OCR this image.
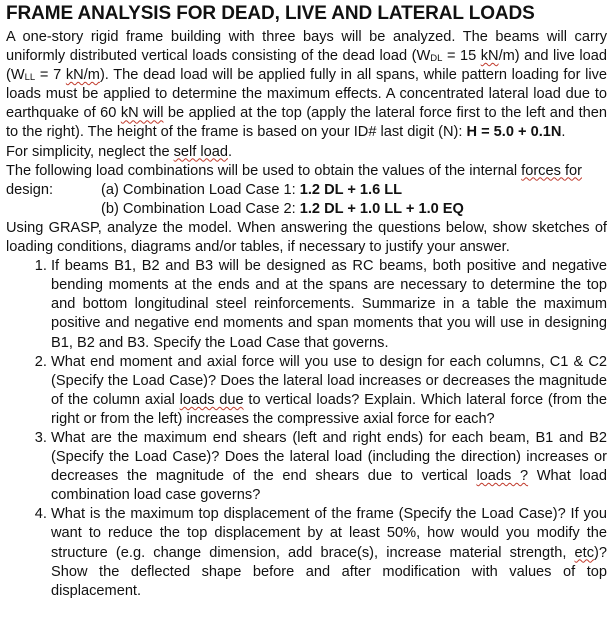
FRAME ANALYSIS FOR DEAD, LIVE AND LATERAL LOADS

A one-story rigid frame building with three bays will be analyzed. The beams will carry uniformly distributed vertical loads consisting of the dead load ($W_{DL} = 15$ kN/m) and live load ($W_{LL} = 7$ kN/m). The dead load will be applied fully in all spans, while pattern loading for live loads must be applied to determine the maximum effects. A concentrated lateral load due to earthquake of 60 kN will be applied at the top (apply the lateral force first to the left and then to the right). The height of the frame is based on your ID# last digit (N): H = 5.0 + 0.1N.

For simplicity, neglect the self load.

The following load combinations will be used to obtain the values of the internal forces for

design:	(a) Combination Load Case 1: 1.2 DL + 1.6 LL
(b) Combination Load Case 2: 1.2 DL + 1.0 LL + 1.0 EQ

Using GRASP, analyze the model. When answering the questions below, show sketches of loading conditions, diagrams and/or tables, if necessary to justify your answer.

1. If beams B1, B2 and B3 will be designed as RC beams, both positive and negative bending moments at the ends and at the spans are necessary to determine the top and bottom longitudinal steel reinforcements. Summarize in a table the maximum positive and negative end moments and span moments that you will use in designing B1, B2 and B3. Specify the Load Case that governs.
2. What end moment and axial force will you use to design for each columns, C1 & C2 (Specify the Load Case)? Does the lateral load increases or decreases the magnitude of the column axial loads due to vertical loads? Explain. Which lateral force (from the right or from the left) increases the compressive axial force for each?
3. What are the maximum end shears (left and right ends) for each beam, B1 and B2 (Specify the Load Case)? Does the lateral load (including the direction) increases or decreases the magnitude of the end shears due to vertical loads ? What load combination load case governs?
4. What is the maximum top displacement of the frame (Specify the Load Case)? If you want to reduce the top displacement by at least 50%, how would you modify the structure (e.g. change dimension, add brace(s), increase material strength, etc)? Show the deflected shape before and after modification with values of top displacement.
